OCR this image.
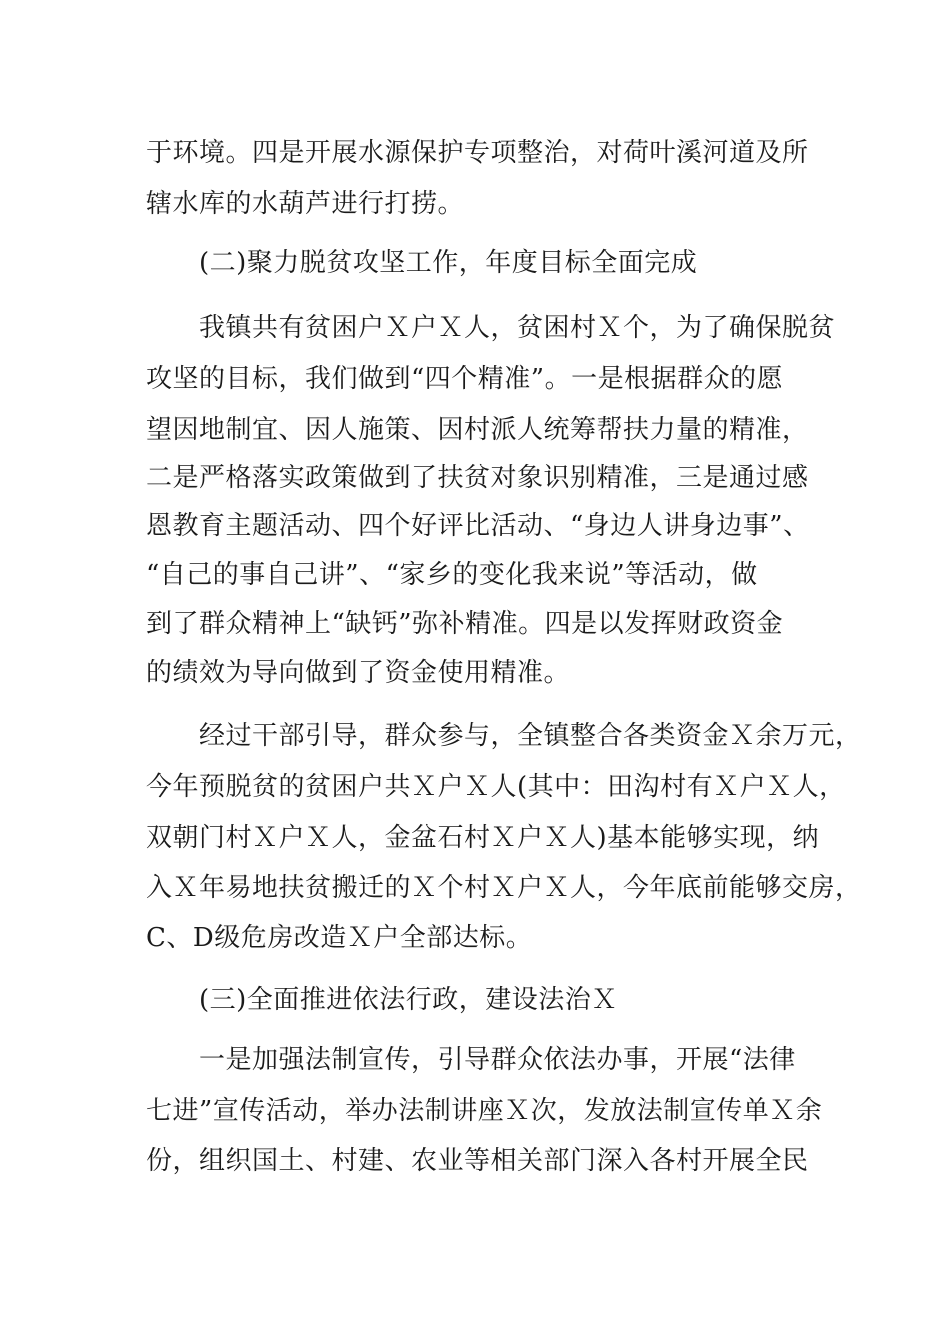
于环境。四是开展水源保护专项整治，对荷叶溪河道及所
辖水库的水葫芦进行打捞。
(二)聚力脱贫攻坚工作，年度目标全面完成
我镇共有贫困户Ｘ户Ｘ人，贫困村Ｘ个，为了确保脱贫
攻坚的目标，我们做到“四个精准”。一是根据群众的愿
望因地制宜、因人施策、因村派人统筹帮扶力量的精准，
二是严格落实政策做到了扶贫对象识别精准，三是通过感
恩教育主题活动、四个好评比活动、“身边人讲身边事”、
“自己的事自己讲”、“家乡的变化我来说”等活动，做
到了群众精神上“缺钙”弥补精准。四是以发挥财政资金
的绩效为导向做到了资金使用精准。
经过干部引导，群众参与，全镇整合各类资金Ｘ余万元，
今年预脱贫的贫困户共Ｘ户Ｘ人(其中：田沟村有Ｘ户Ｘ人，
双朝门村Ｘ户Ｘ人，金盆石村Ｘ户Ｘ人)基本能够实现，纳
入Ｘ年易地扶贫搬迁的Ｘ个村Ｘ户Ｘ人，今年底前能够交房，
C、D级危房改造Ｘ户全部达标。
(三)全面推进依法行政，建设法治Ｘ
一是加强法制宣传，引导群众依法办事，开展“法律
七进”宣传活动，举办法制讲座Ｘ次，发放法制宣传单Ｘ余
份，组织国土、村建、农业等相关部门深入各村开展全民
